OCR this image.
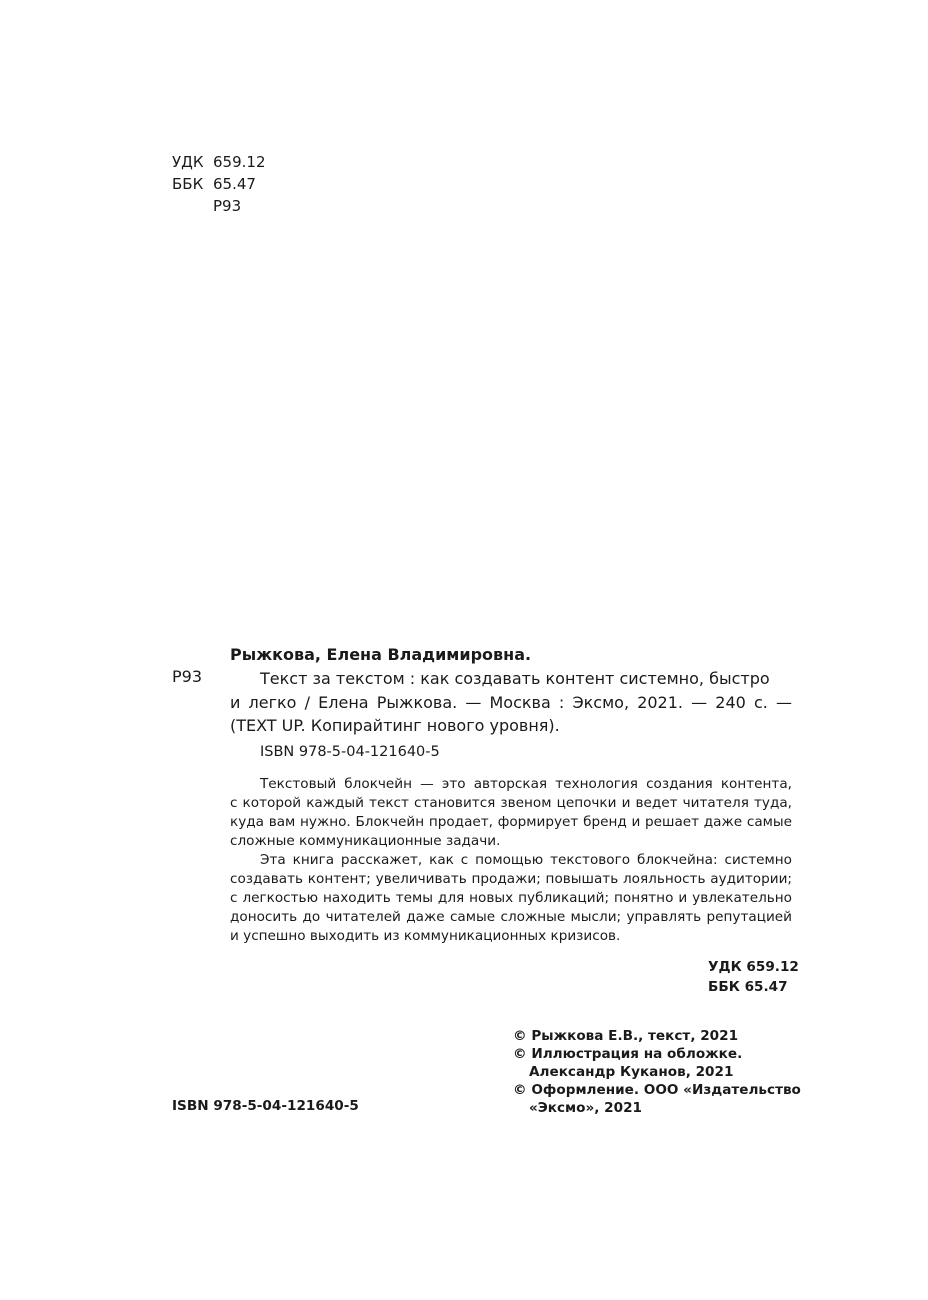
УДК 659.12
ББК 65.47
Р93
Рыжкова, Елена Владимировна.
Р93	Текст за текстом : как создавать контент системно, быстро
и легко / Елена Рыжкова. — Москва : Эксмо, 2021. — 240 с. —
(TEXT UP. Копирайтинг нового уровня).
ISBN 978-5-04-121640-5
Текстовый блокчейн — это авторская технология создания контента,
с которой каждый текст становится звеном цепочки и ведет читателя туда,
куда вам нужно. Блокчейн продает, формирует бренд и решает даже самые
сложные коммуникационные задачи.
Эта книга расскажет, как с помощью текстового блокчейна: системно
создавать контент; увеличивать продажи; повышать лояльность аудитории;
с легкостью находить темы для новых публикаций; понятно и увлекательно
доносить до читателей даже самые сложные мысли; управлять репутацией
и успешно выходить из коммуникационных кризисов.
УДК 659.12
ББК 65.47
© Рыжкова Е.В., текст, 2021
© Иллюстрация на обложке.
Александр Куканов, 2021
© Оформление. ООО «Издательство
«Эксмо», 2021
ISBN 978-5-04-121640-5
